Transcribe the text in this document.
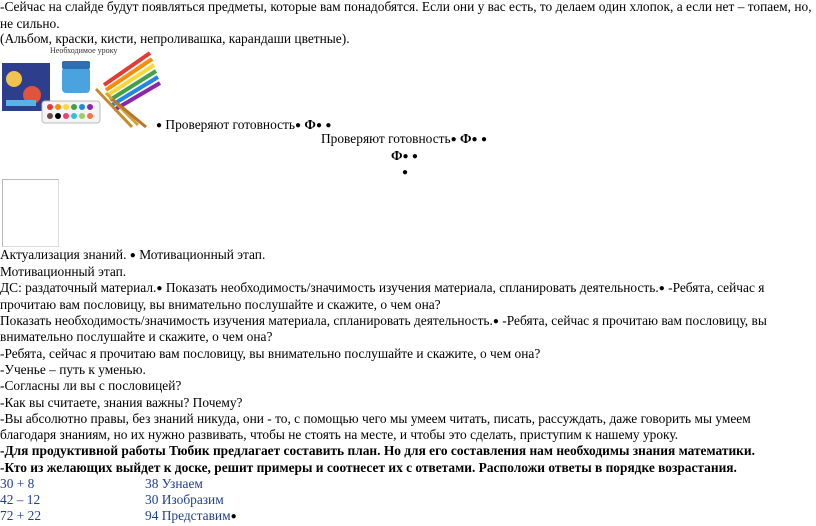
-Сейчас на слайде будут появляться предметы, которые вам понадобятся. Если они у вас есть, то делаем один хлопок, а если нет – топаем, но,
не сильно.
(Альбом, краски, кисти, непроливашка, карандаши цветные).
Необходимое уроку
● Проверяют готовность● Ф● ●
Проверяют готовность● Ф● ●
Ф● ●
●
Актуализация знаний. ● Мотивационный этап.
Мотивационный этап.
ДС: раздаточный материал.● Показать необходимость/значимость изучения материала, спланировать деятельность.● -Ребята, сейчас я
прочитаю вам пословицу, вы внимательно послушайте и скажите, о чем она?
Показать необходимость/значимость изучения материала, спланировать деятельность.● -Ребята, сейчас я прочитаю вам пословицу, вы
внимательно послушайте и скажите, о чем она?
-Ребята, сейчас я прочитаю вам пословицу, вы внимательно послушайте и скажите, о чем она?
-Ученье – путь к уменью.
-Согласны ли вы с пословицей?
-Как вы считаете, знания важны? Почему?
-Вы абсолютно правы, без знаний никуда, они - то, с помощью чего мы умеем читать, писать, рассуждать, даже говорить мы умеем
благодаря знаниям, но их нужно развивать, чтобы не стоять на месте, и чтобы это сделать, приступим к нашему уроку.
-Для продуктивной работы Тюбик предлагает составить план. Но для его составления нам необходимы знания математики.
-Кто из желающих выйдет к доске, решит примеры и соотнесет их с ответами. Расположи ответы в порядке возрастания.
30 + 8	38 Узнаем
42 – 12	30 Изобразим
72 + 22	94 Представим●
